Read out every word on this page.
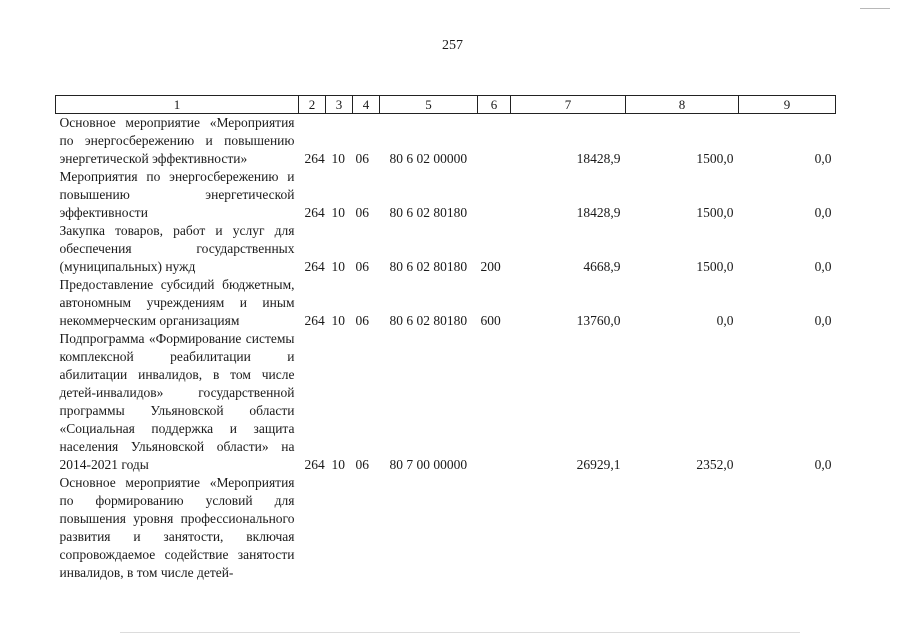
257
1	2	3	4	5	6	7	8	9
Основное мероприятие «Мероприятия по энергосбережению и повышению энергетической эффективности»	264	10	06	80 6 02 00000		18428,9	1500,0	0,0
Мероприятия по энергосбережению и повышению энергетической эффективности	264	10	06	80 6 02 80180		18428,9	1500,0	0,0
Закупка товаров, работ и услуг для обеспечения государственных (муниципальных) нужд	264	10	06	80 6 02 80180	200	4668,9	1500,0	0,0
Предоставление субсидий бюджетным, автономным учреждениям и иным некоммерческим организациям	264	10	06	80 6 02 80180	600	13760,0	0,0	0,0
Подпрограмма «Формирование системы комплексной реабилитации и абилитации инвалидов, в том числе детей-инвалидов» государственной программы Ульяновской области «Социальная поддержка и защита населения Ульяновской области» на 2014-2021 годы	264	10	06	80 7 00 00000		26929,1	2352,0	0,0
Основное мероприятие «Мероприятия по формированию условий для повышения уровня профессионального развития и занятости, включая сопровождаемое содействие занятости инвалидов, в том числе детей-								
